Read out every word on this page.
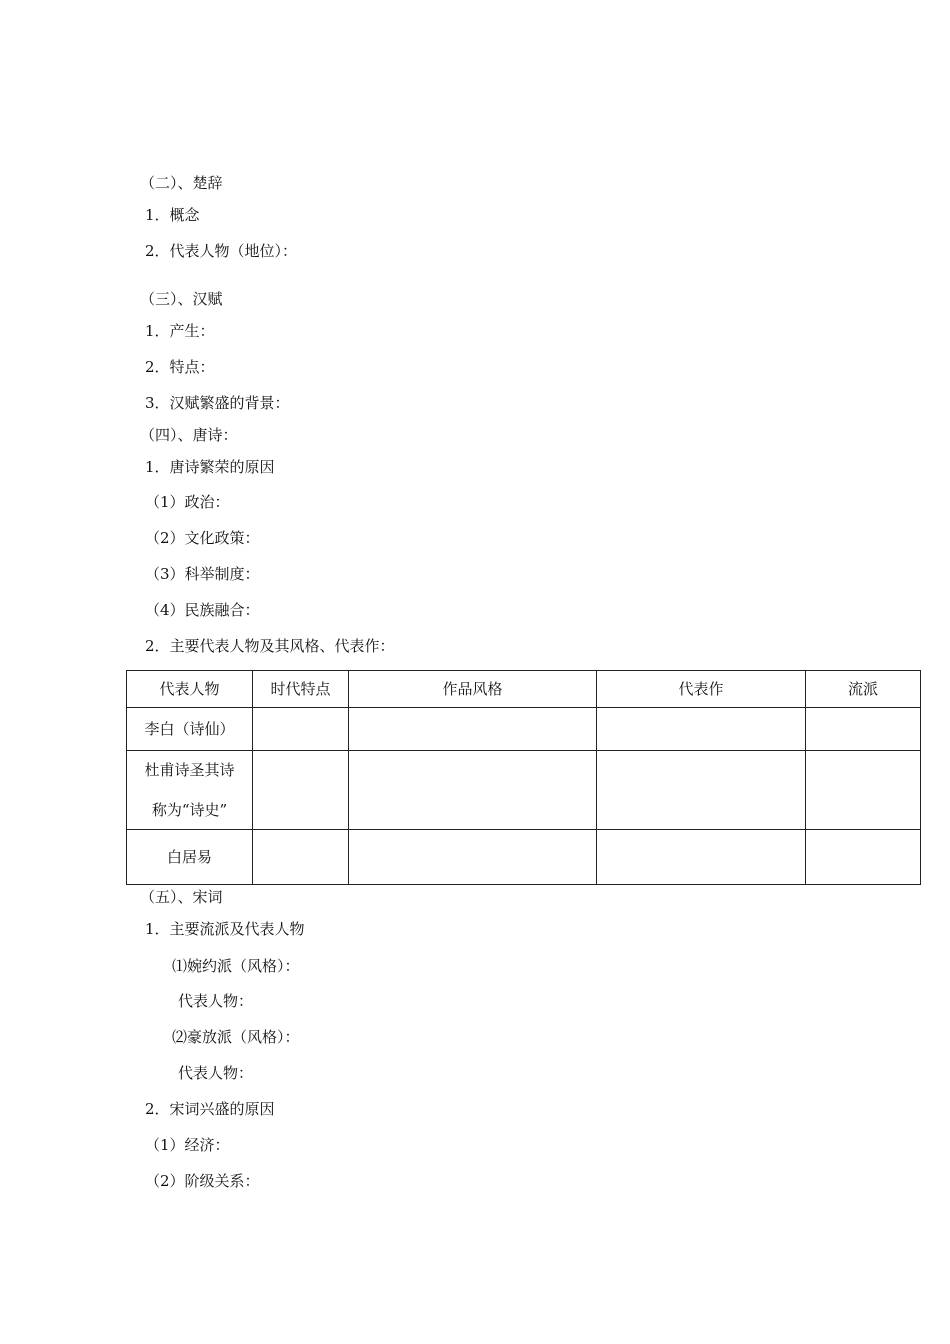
（二）、楚辞
1．概念
2．代表人物（地位）：
（三）、汉赋
1．产生：
2．特点：
3．汉赋繁盛的背景：
（四）、唐诗：
1．唐诗繁荣的原因
（1）政治：
（2）文化政策：
（3）科举制度：
（4）民族融合：
2．主要代表人物及其风格、代表作：
代表人物	时代特点	作品风格	代表作	流派
李白（诗仙）				

杜甫诗圣其诗
称为“诗史”				

白居易				
（五）、宋词
1．主要流派及代表人物
⑴婉约派（风格）：
代表人物：
⑵豪放派（风格）：
代表人物：
2．宋词兴盛的原因
（1）经济：
（2）阶级关系：
